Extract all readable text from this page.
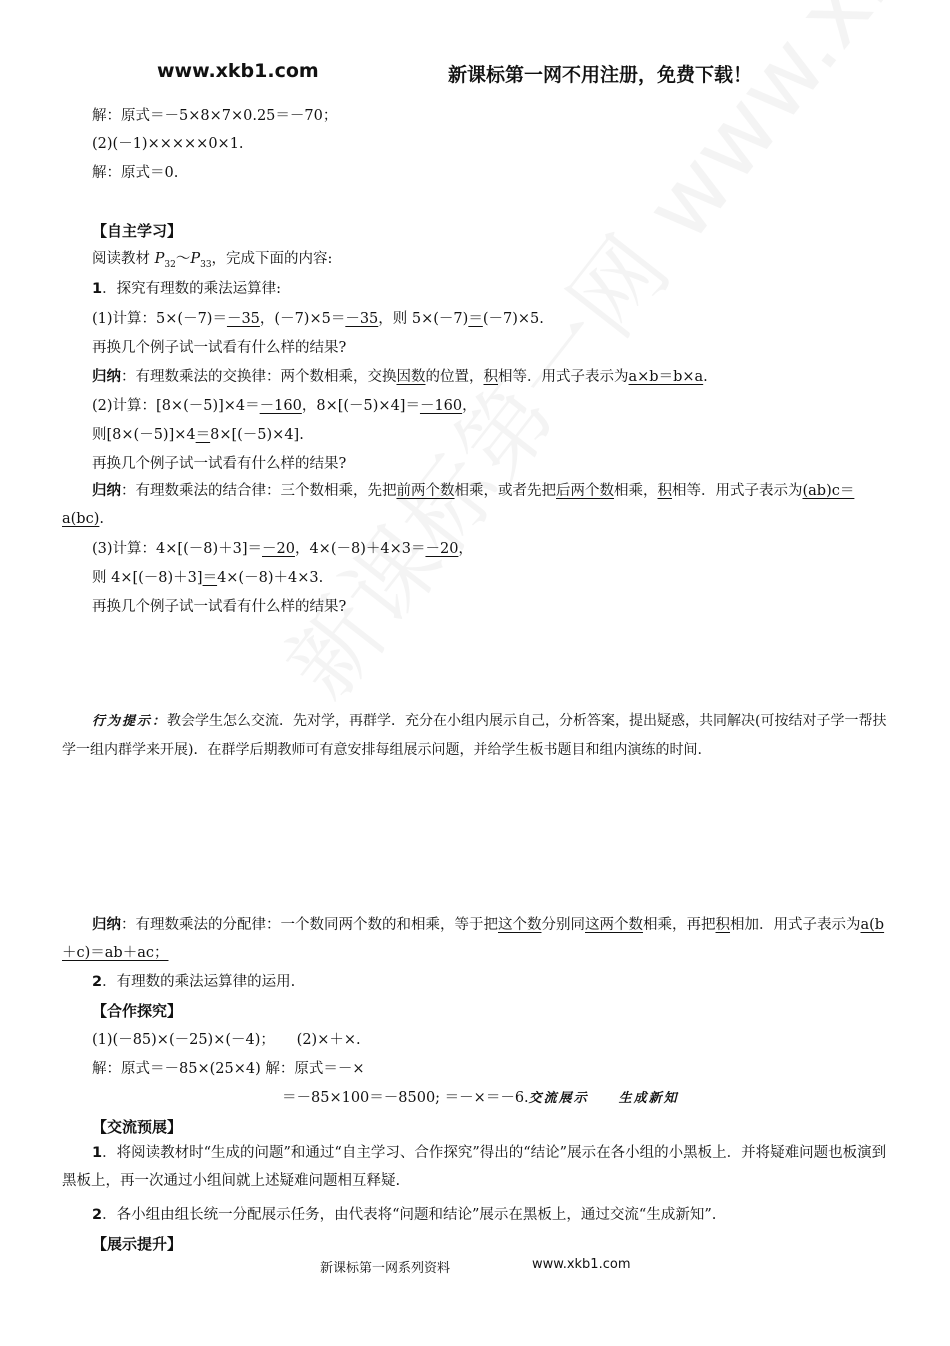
www.xkb1.com	新课标第一网不用注册，免费下载！
解：原式＝－5×8×7×0.25＝－70；
(2)(－1)×××××0×1.
解：原式＝0.
【自主学习】
阅读教材 $P_{32}\sim P_{33}$，完成下面的内容:
1．探究有理数的乘法运算律:
(1)计算：5×(－7)＝－35，(－7)×5＝－35，则 5×(－7)＝(－7)×5.
再换几个例子试一试看有什么样的结果?
归纳：有理数乘法的交换律：两个数相乘，交换因数的位置，积相等．用式子表示为a×b＝b×a.
(2)计算：[8×(－5)]×4＝－160，8×[(－5)×4]＝－160，
则[8×(－5)]×4＝8×[(－5)×4].
再换几个例子试一试看有什么样的结果?
归纳：有理数乘法的结合律：三个数相乘，先把前两个数相乘，或者先把后两个数相乘，积相等．用式子表示为(ab)c＝a(bc).
(3)计算：4×[(－8)＋3]＝－20，4×(－8)＋4×3＝－20，
则 4×[(－8)＋3]＝4×(－8)＋4×3.
再换几个例子试一试看有什么样的结果?
行为提示：教会学生怎么交流．先对学，再群学．充分在小组内展示自己，分析答案，提出疑惑，共同解决(可按结对子学一帮扶学一组内群学来开展)．在群学后期教师可有意安排每组展示问题，并给学生板书题目和组内演练的时间.
归纳：有理数乘法的分配律：一个数同两个数的和相乘，等于把这个数分别同这两个数相乘，再把积相加．用式子表示为a(b＋c)＝ab＋ac；
2．有理数的乘法运算律的运用.
【合作探究】
(1)(－85)×(－25)×(－4)；　　(2)×＋×.
解：原式＝－85×(25×4) 解：原式＝－×
＝－85×100＝－8500; ＝－×＝－6.交流展示　　生成新知
【交流预展】
1．将阅读教材时“生成的问题”和通过“自主学习、合作探究”得出的“结论”展示在各小组的小黑板上．并将疑难问题也板演到黑板上，再一次通过小组间就上述疑难问题相互释疑.
2．各小组由组长统一分配展示任务，由代表将“问题和结论”展示在黑板上，通过交流“生成新知”.
【展示提升】
新课标第一网系列资料	www.xkb1.com
